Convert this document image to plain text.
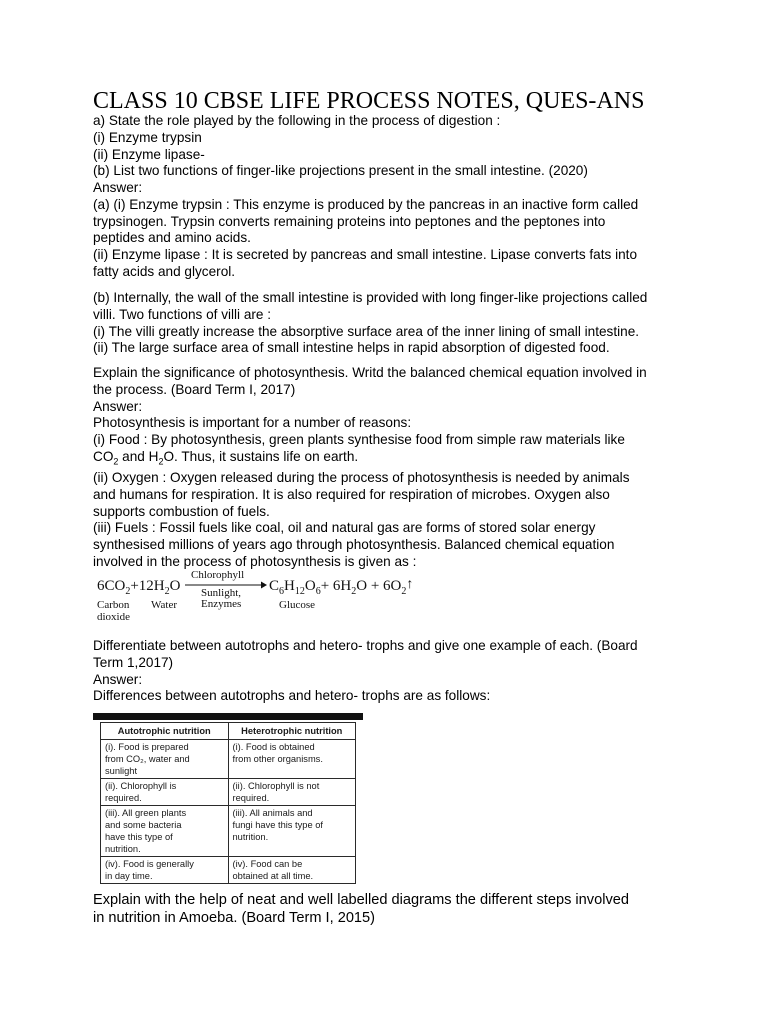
CLASS 10 CBSE LIFE PROCESS NOTES, QUES-ANS
a) State the role played by the following in the process of digestion :
(i) Enzyme trypsin
(ii) Enzyme lipase-
(b) List two functions of finger-like projections present in the small intestine. (2020)
Answer:
(a) (i) Enzyme trypsin : This enzyme is produced by the pancreas in an inactive form called
trypsinogen. Trypsin converts remaining proteins into peptones and the peptones into
peptides and amino acids.
(ii) Enzyme lipase : It is secreted by pancreas and small intestine. Lipase converts fats into
fatty acids and glycerol.
(b) Internally, the wall of the small intestine is provided with long finger-like projections called
villi. Two functions of villi are :
(i) The villi greatly increase the absorptive surface area of the inner lining of small intestine.
(ii) The large surface area of small intestine helps in rapid absorption of digested food.
Explain the significance of photosynthesis. Writd the balanced chemical equation involved in
the process. (Board Term I, 2017)
Answer:
Photosynthesis is important for a number of reasons:
(i) Food : By photosynthesis, green plants synthesise food from simple raw materials like
$CO_2$ and $H_2O$. Thus, it sustains life on earth.
(ii) Oxygen : Oxygen released during the process of photosynthesis is needed by animals
and humans for respiration. It is also required for respiration of microbes. Oxygen also
supports combustion of fuels.
(iii) Fuels : Fossil fuels like coal, oil and natural gas are forms of stored solar energy
synthesised millions of years ago through photosynthesis. Balanced chemical equation
involved in the process of photosynthesis is given as :
$6CO_2+12H_2O$
Chlorophyll
Sunlight,
Enzymes
$C_6H_{12}O_6+ 6H_2O$ + $6O_2↑$
Carbon
dioxide
Water	Glucose
Differentiate between autotrophs and hetero- trophs and give one example of each. (Board
Term 1,2017)
Answer:
Differences between autotrophs and hetero- trophs are as follows:
Autotrophic nutrition	Heterotrophic nutrition
(i). Food is prepared
from CO₂, water and
sunlight	(i). Food is obtained
from other organisms.
(ii). Chlorophyll is
required.	(ii). Chlorophyll is not
required.
(iii). All green plants
and some bacteria
have this type of
nutrition.	(iii). All animals and
fungi have this type of
nutrition.
(iv). Food is generally
in day time.	(iv). Food can be
obtained at all time.
Explain with the help of neat and well labelled diagrams the different steps involved
in nutrition in Amoeba. (Board Term I, 2015)
